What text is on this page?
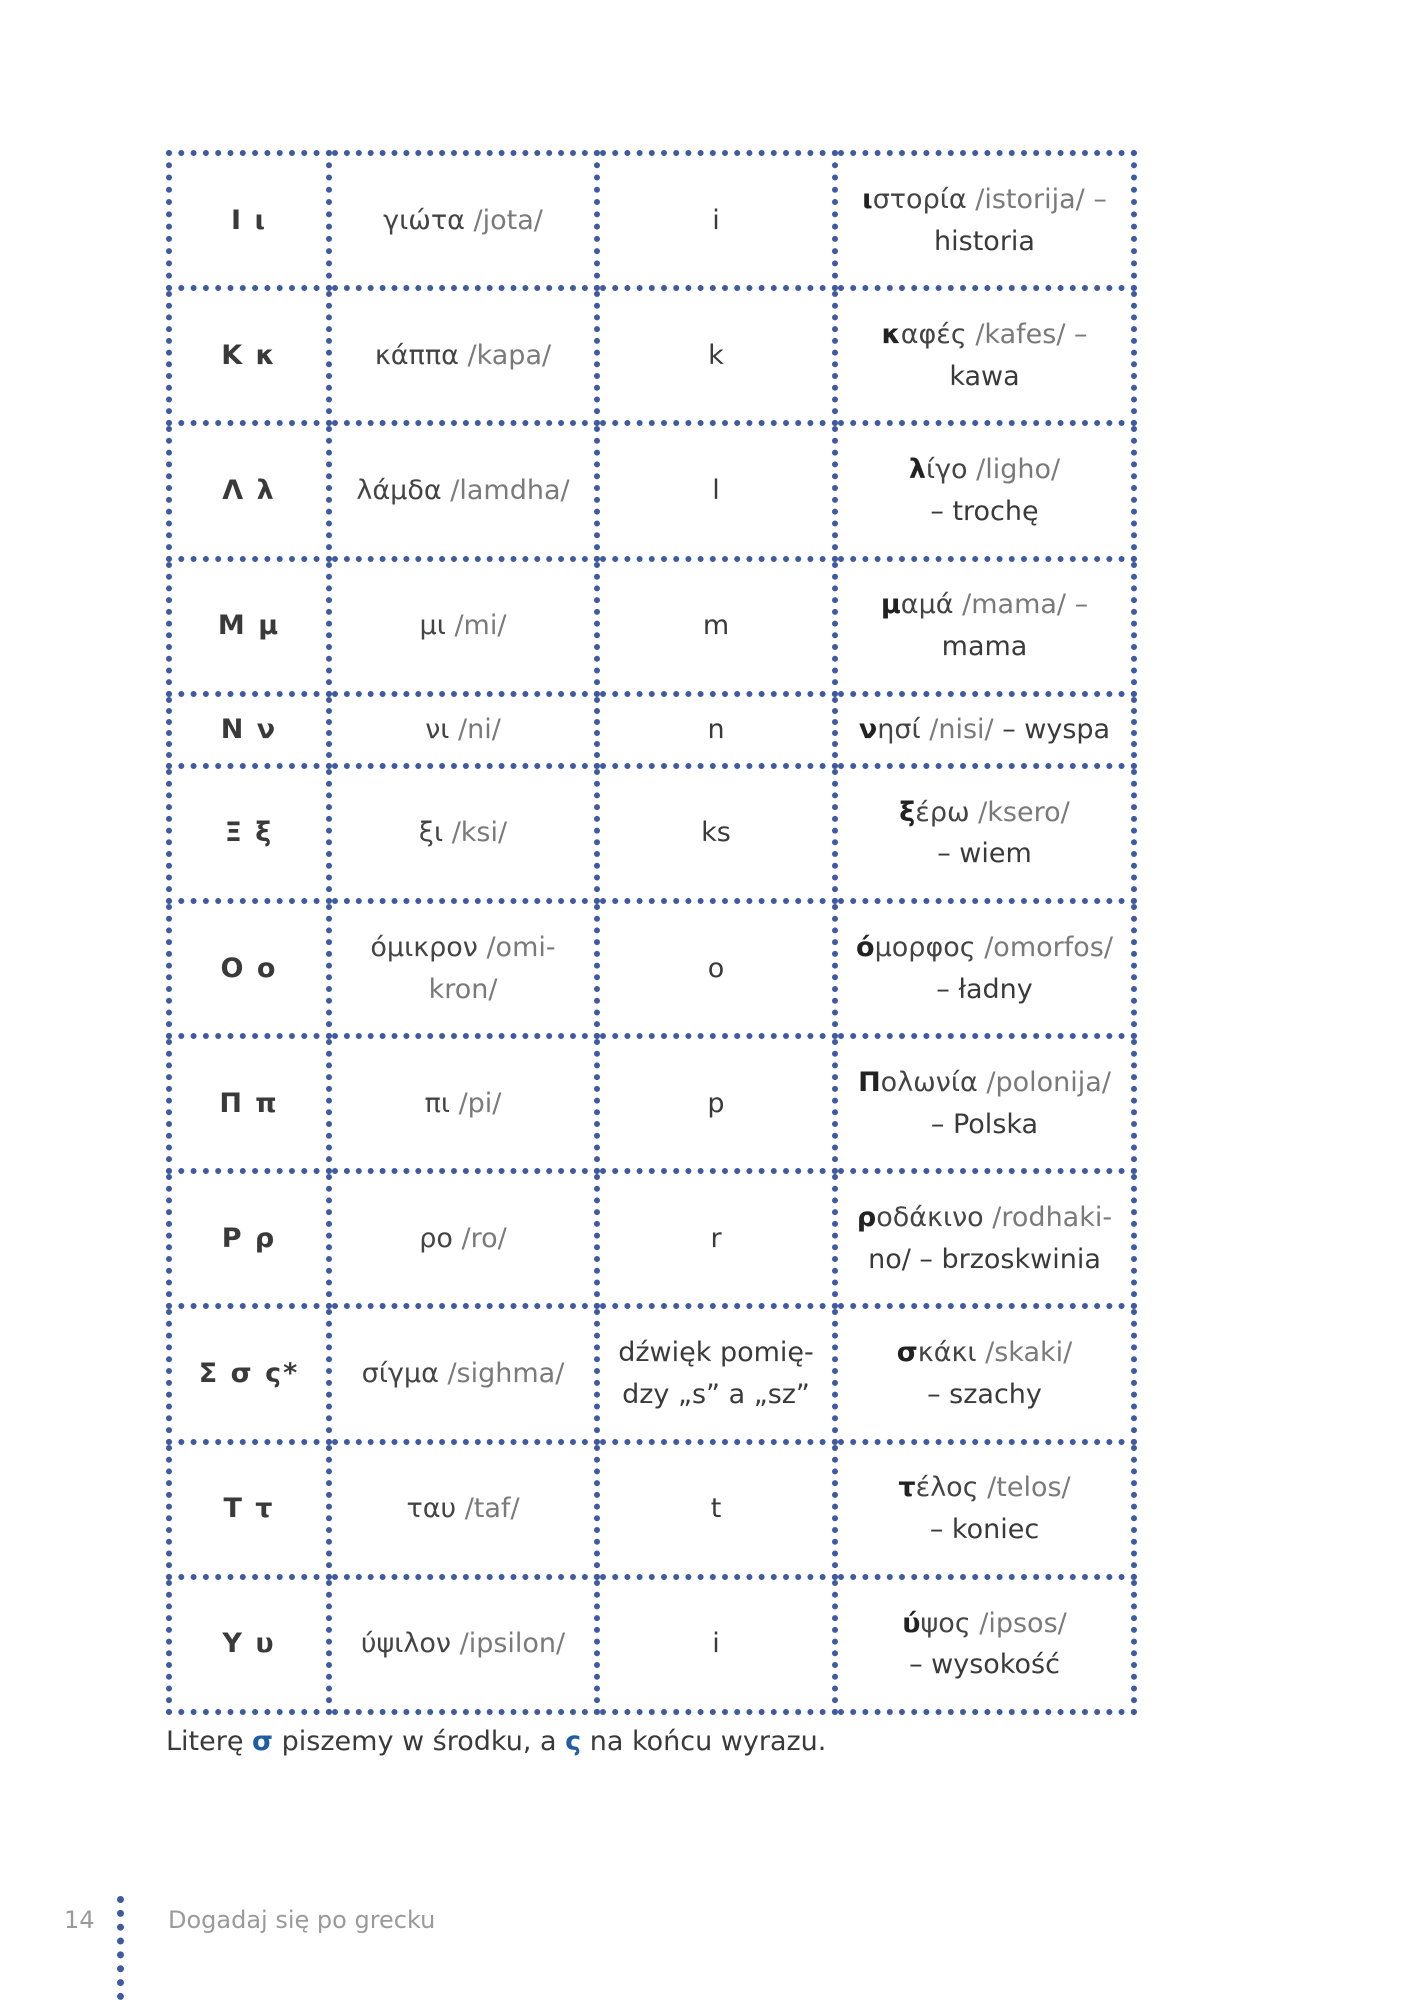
Ι ι	γιώτα /jota/	i	ιστορία /istorija/ –
historia
Κ κ	κάππα /kapa/	k	καφές /kafes/ –
kawa
Λ λ	λάμδα /lamdha/	l	λίγο /ligho/
– trochę
Μ μ	μι /mi/	m	μαμά /mama/ –
mama
Ν ν	νι /ni/	n	νησί /nisi/ – wyspa
Ξ ξ	ξι /ksi/	ks	ξέρω /ksero/
– wiem
Ο ο	όμικρον /omi-
kron/	o	όμορφος /omorfos/
– ładny
Π π	πι /pi/	p	Πολωνία /polonija/
– Polska
Ρ ρ	ρο /ro/	r	ροδάκινο /rodhaki-
no/ – brzoskwinia
Σ σ ς*	σίγμα /sighma/	dźwięk pomię-
dzy „s” a „sz”	σκάκι /skaki/
– szachy
Τ τ	ταυ /taf/	t	τέλος /telos/
– koniec
Υ υ	ύψιλον /ipsilon/	i	ύψος /ipsos/
– wysokość
Literę σ piszemy w środku, a ς na końcu wyrazu.
14	Dogadaj się po grecku
